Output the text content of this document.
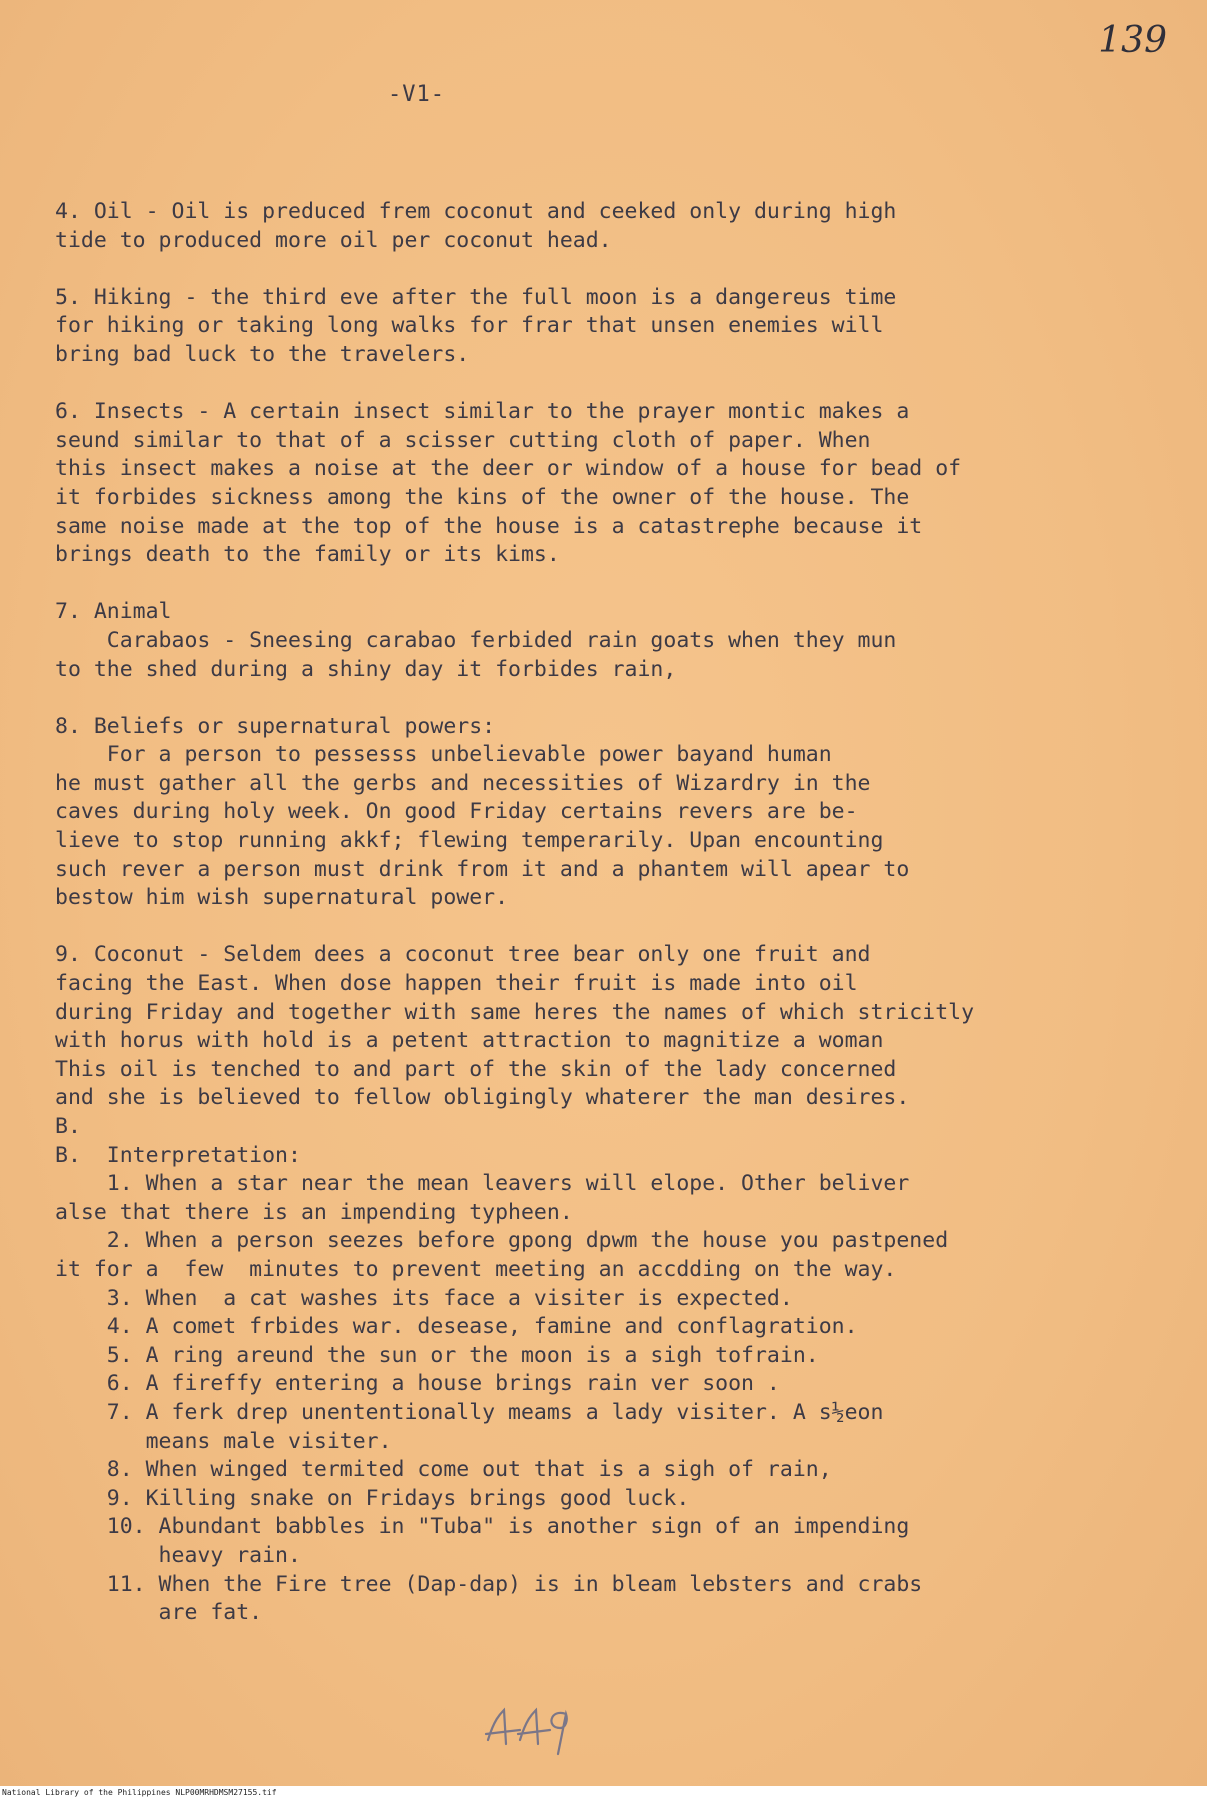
139
-V1-
4. Oil - Oil is preduced frem coconut and ceeked only during high
tide to produced more oil per coconut head.
5. Hiking - the third eve after the full moon is a dangereus time
for hiking or taking long walks for frar that unsen enemies will
bring bad luck to the travelers.
6. Insects - A certain insect similar to the prayer montic makes a
seund similar to that of a scisser cutting cloth of paper. When
this insect makes a noise at the deer or window of a house for bead of
it forbides sickness among the kins of the owner of the house. The
same noise made at the top of the house is a catastrephe because it
brings death to the family or its kims.
7. Animal
Carabaos - Sneesing carabao ferbided rain goats when they mun
to the shed during a shiny day it forbides rain,
8. Beliefs or supernatural powers:
For a person to pessesss unbelievable power bayand human
he must gather all the gerbs and necessities of Wizardry in the
caves during holy week. On good Friday certains revers are be-
lieve to stop running akkf; flewing temperarily. Upan encounting
such rever a person must drink from it and a phantem will apear to
bestow him wish supernatural power.
9. Coconut - Seldem dees a coconut tree bear only one fruit and
facing the East. When dose happen their fruit is made into oil
during Friday and together with same heres the names of which stricitly
with horus with hold is a petent attraction to magnitize a woman
This oil is tenched to and part of the skin of the lady concerned
and she is believed to fellow obligingly whaterer the man desires.
B.
B.  Interpretation:
1. When a star near the mean leavers will elope. Other beliver
alse that there is an impending typheen.
2. When a person seezes before gpong dpwm the house you pastpened
it for a  few  minutes to prevent meeting an accdding on the way.
3. When  a cat washes its face a visiter is expected.
4. A comet frbides war. desease, famine and conflagration.
5. A ring areund the sun or the moon is a sigh tofrain.
6. A fireffy entering a house brings rain ver soon .
7. A ferk drep unententionally meams a lady visiter. A s½eon
means male visiter.
8. When winged termited come out that is a sigh of rain,
9. Killing snake on Fridays brings good luck.
10. Abundant babbles in "Tuba" is another sign of an impending
heavy rain.
11. When the Fire tree (Dap-dap) is in bleam lebsters and crabs
are fat.
National Library of the Philippines NLP00MRHDMSM27155.tif
